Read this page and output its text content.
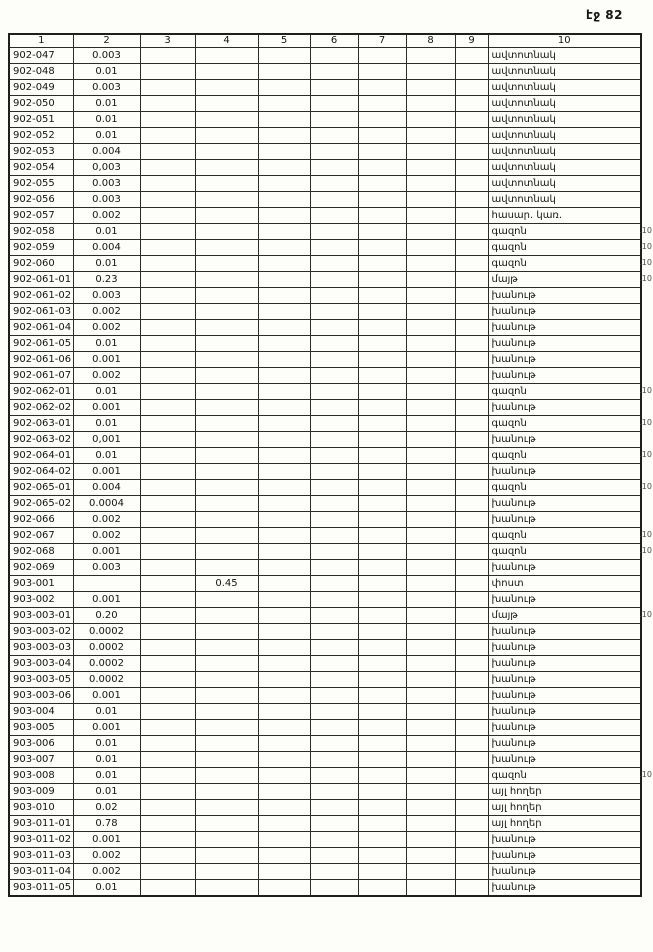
էջ 82
1	2	3	4	5	6	7	8	9	10
902-047	0.003								ավտոտնակ
902-048	0.01								ավտոտնակ
902-049	0.003								ավտոտնակ
902-050	0.01								ավտոտնակ
902-051	0.01								ավտոտնակ
902-052	0.01								ավտոտնակ
902-053	0.004								ավտոտնակ
902-054	0,003								ավտոտնակ
902-055	0.003								ավտոտնակ
902-056	0.003								ավտոտնակ
902-057	0.002								հասար. կառ.
902-058	0.01								գազոն
902-059	0.004								գազոն
902-060	0.01								գազոն
902-061-01	0.23								մայթ
902-061-02	0.003								խանութ
902-061-03	0.002								խանութ
902-061-04	0.002								խանութ
902-061-05	0.01								խանութ
902-061-06	0.001								խանութ
902-061-07	0.002								խանութ
902-062-01	0.01								գազոն
902-062-02	0.001								խանութ
902-063-01	0.01								գազոն
902-063-02	0,001								խանութ
902-064-01	0.01								գազոն
902-064-02	0.001								խանութ
902-065-01	0.004								գազոն
902-065-02	0.0004								խանութ
902-066	0.002								խանութ
902-067	0.002								գազոն
902-068	0.001								գազոն
902-069	0.003								խանութ
903-001			0.45						փոստ
903-002	0.001								խանութ
903-003-01	0.20								մայթ
903-003-02	0.0002								խանութ
903-003-03	0.0002								խանութ
903-003-04	0.0002								խանութ
903-003-05	0.0002								խանութ
903-003-06	0.001								խանութ
903-004	0.01								խանութ
903-005	0.001								խանութ
903-006	0.01								խանութ
903-007	0.01								խանութ
903-008	0.01								գազոն
903-009	0.01								այլ հողեր
903-010	0.02								այլ հողեր
903-011-01	0.78								այլ հողեր
903-011-02	0.001								խանութ
903-011-03	0.002								խանութ
903-011-04	0.002								խանութ
903-011-05	0.01								խանութ
.10
.10
.10
.10
.10
.10
.10
.10
.10
.10
.10
.10
